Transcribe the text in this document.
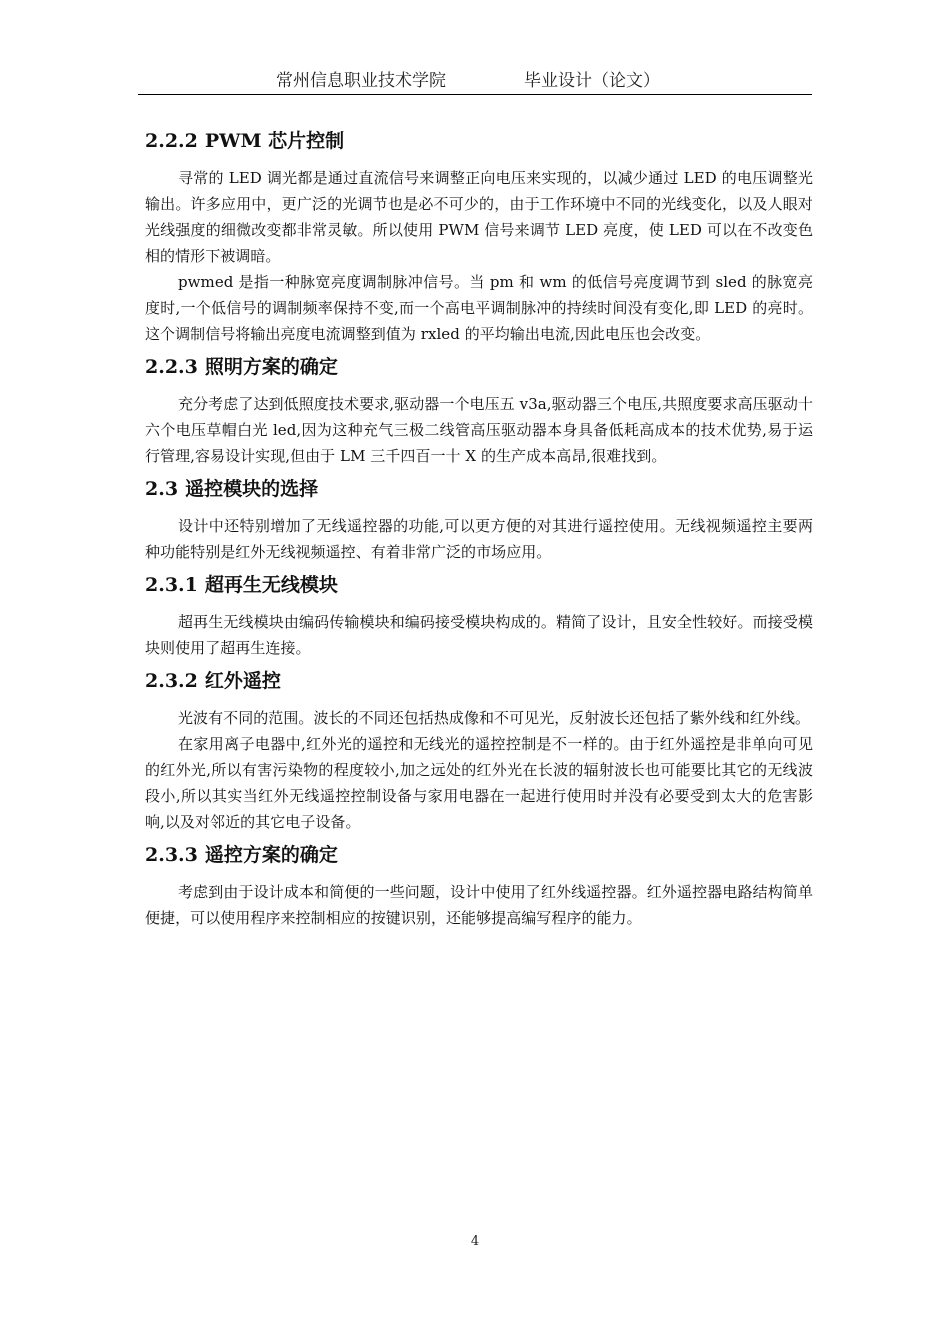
常州信息职业技术学院	毕业设计（论文）
2.2.2 PWM 芯片控制

寻常的 LED 调光都是通过直流信号来调整正向电压来实现的，以减少通过 LED 的电压调整光输出。许多应用中，更广泛的光调节也是必不可少的，由于工作环境中不同的光线变化，以及人眼对光线强度的细微改变都非常灵敏。所以使用 PWM 信号来调节 LED 亮度，使 LED 可以在不改变色相的情形下被调暗。

pwmed 是指一种脉宽亮度调制脉冲信号。当 pm 和 wm 的低信号亮度调节到 sled 的脉宽亮度时,一个低信号的调制频率保持不变,而一个高电平调制脉冲的持续时间没有变化,即 LED 的亮时。这个调制信号将输出亮度电流调整到值为 rxled 的平均输出电流,因此电压也会改变。

2.2.3 照明方案的确定

充分考虑了达到低照度技术要求,驱动器一个电压五 v3a,驱动器三个电压,共照度要求高压驱动十六个电压草帽白光 led,因为这种充气三极二线管高压驱动器本身具备低耗高成本的技术优势,易于运行管理,容易设计实现,但由于 LM 三千四百一十 X 的生产成本高昂,很难找到。

2.3 遥控模块的选择

设计中还特别增加了无线遥控器的功能,可以更方便的对其进行遥控使用。无线视频遥控主要两种功能特别是红外无线视频遥控、有着非常广泛的市场应用。

2.3.1 超再生无线模块

超再生无线模块由编码传输模块和编码接受模块构成的。精简了设计，且安全性较好。而接受模块则使用了超再生连接。

2.3.2 红外遥控

光波有不同的范围。波长的不同还包括热成像和不可见光，反射波长还包括了紫外线和红外线。

在家用离子电器中,红外光的遥控和无线光的遥控控制是不一样的。由于红外遥控是非单向可见的红外光,所以有害污染物的程度较小,加之远处的红外光在长波的辐射波长也可能要比其它的无线波段小,所以其实当红外无线遥控控制设备与家用电器在一起进行使用时并没有必要受到太大的危害影响,以及对邻近的其它电子设备。

2.3.3 遥控方案的确定

考虑到由于设计成本和简便的一些问题，设计中使用了红外线遥控器。红外遥控器电路结构简单便捷，可以使用程序来控制相应的按键识别，还能够提高编写程序的能力。

4
